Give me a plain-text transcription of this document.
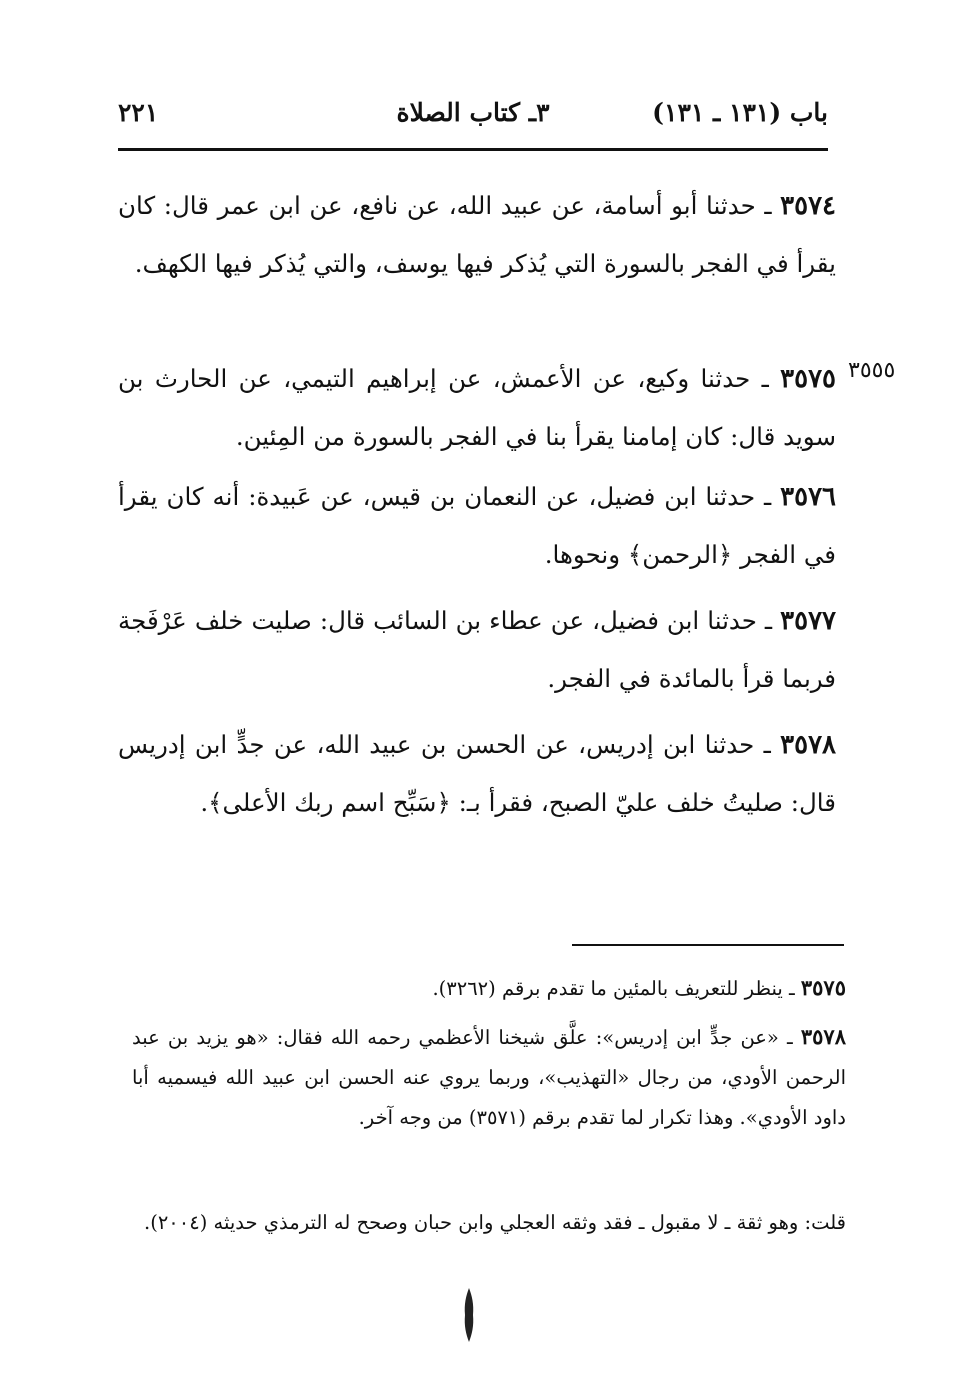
باب (١٣١ ـ ١٣١)
٣ـ كتاب الصلاة
٢٢١
٣٥٧٤ ـ حدثنا أبو أسامة، عن عبيد الله، عن نافع، عن ابن عمر قال: كان يقرأ في الفجر بالسورة التي يُذكر فيها يوسف، والتي يُذكر فيها الكهف.
٣٥٥٥
٣٥٧٥ ـ حدثنا وكيع، عن الأعمش، عن إبراهيم التيمي، عن الحارث بن سويد قال: كان إمامنا يقرأ بنا في الفجر بالسورة من المِئين.
٣٥٧٦ ـ حدثنا ابن فضيل، عن النعمان بن قيس، عن عَبيدة: أنه كان يقرأ في الفجر ﴿الرحمن﴾ ونحوها.
٣٥٧٧ ـ حدثنا ابن فضيل، عن عطاء بن السائب قال: صليت خلف عَرْفَجة فربما قرأ بالمائدة في الفجر.
٣٥٧٨ ـ حدثنا ابن إدريس، عن الحسن بن عبيد الله، عن جدٍّ ابن إدريس قال: صليتُ خلف عليّ الصبح، فقرأ بـ: ﴿سَبِّح اسم ربك الأعلى﴾.
٣٥٧٥ ـ ينظر للتعريف بالمئين ما تقدم برقم (٣٢٦٢).
٣٥٧٨ ـ «عن جدٍّ ابن إدريس»: علَّق شيخنا الأعظمي رحمه الله فقال: «هو يزيد بن عبد الرحمن الأودي، من رجال «التهذيب»، وربما يروي عنه الحسن ابن عبيد الله فيسميه أبا داود الأودي». وهذا تكرار لما تقدم برقم (٣٥٧١) من وجه آخر.
قلت: وهو ثقة ـ لا مقبول ـ فقد وثقه العجلي وابن حبان وصحح له الترمذي حديثه (٢٠٠٤).
